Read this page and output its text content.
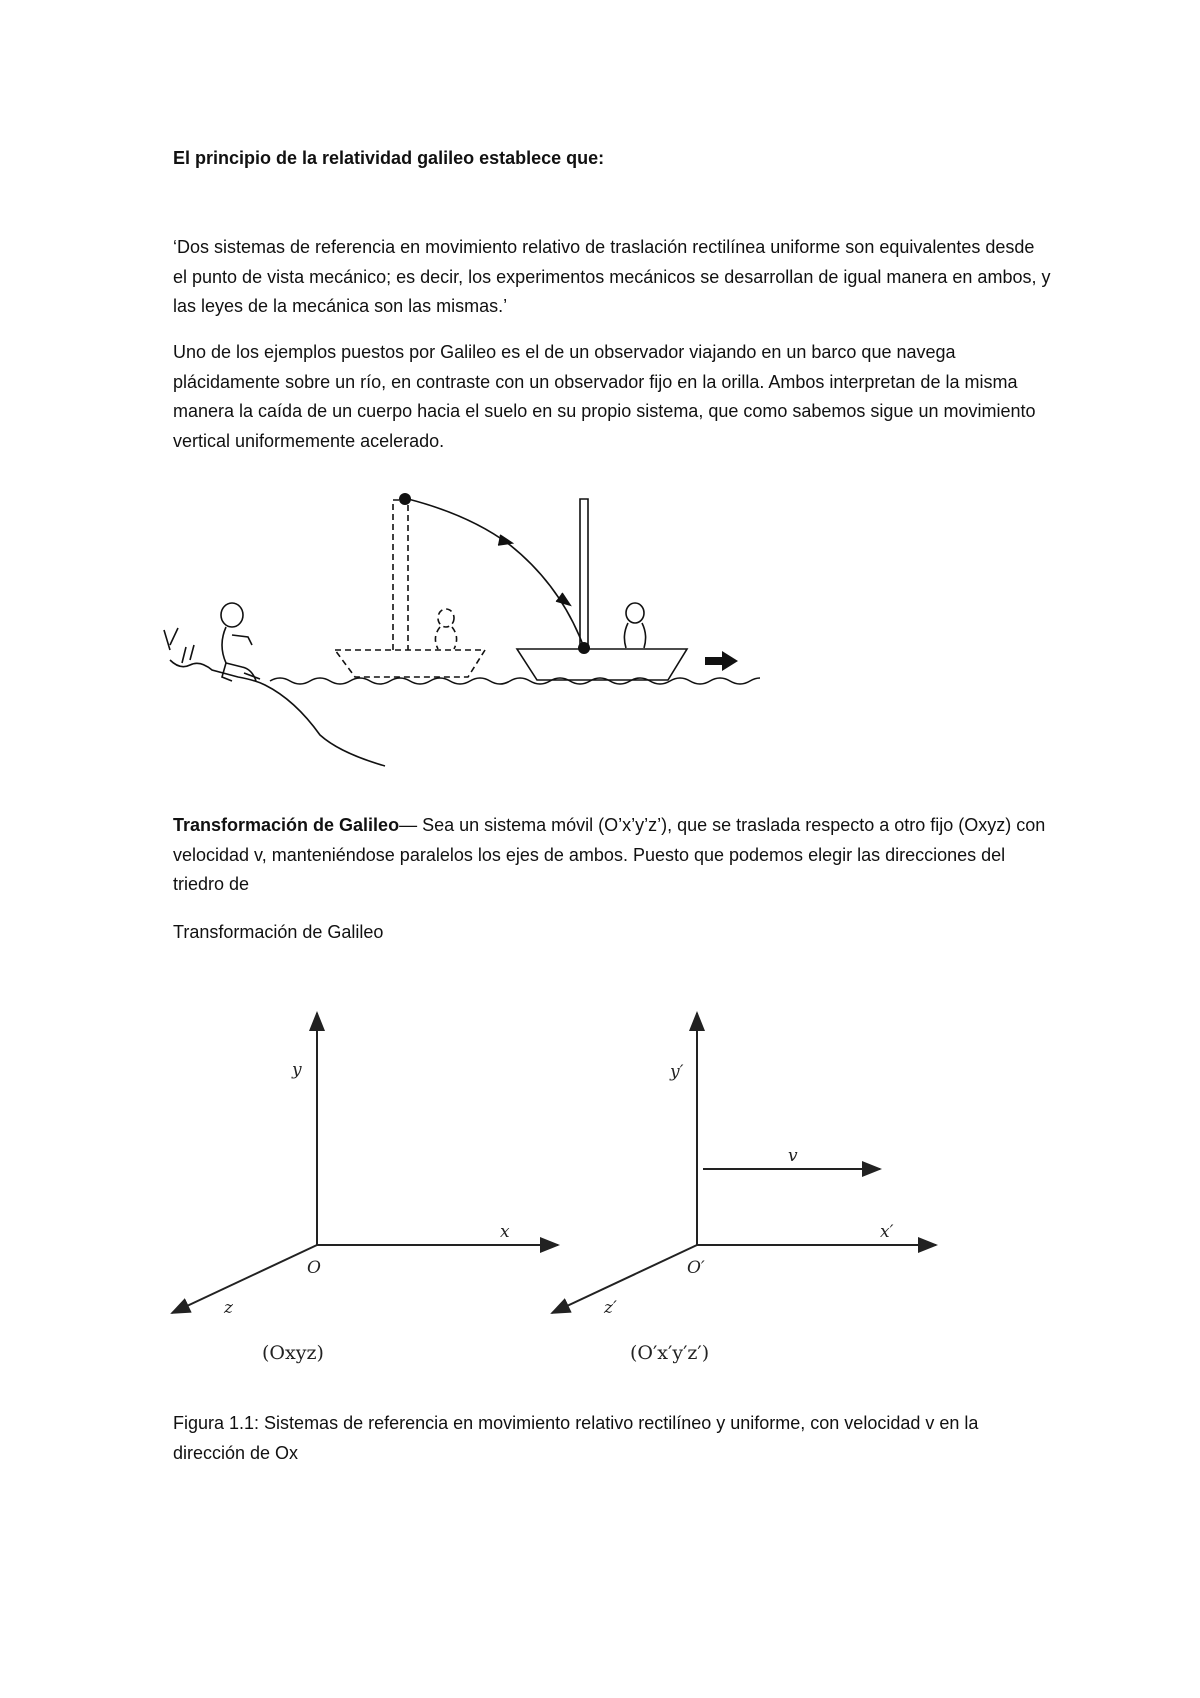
El principio de la relatividad galileo establece que:

‘Dos sistemas de referencia en movimiento relativo de traslación rectilínea uniforme son equivalentes desde el punto de vista mecánico; es decir, los experimentos mecánicos se desarrollan de igual manera en ambos, y las leyes de la mecánica son las mismas.’

Uno de los ejemplos puestos por Galileo es el de un observador viajando en un barco que navega plácidamente sobre un río, en contraste con un observador fijo en la orilla. Ambos interpretan de la misma manera la caída de un cuerpo hacia el suelo en su propio sistema, que como sabemos sigue un movimiento vertical uniformemente acelerado.

Transformación de Galileo— Sea un sistema móvil (O’x’y’z’), que se traslada respecto a otro fijo (Oxyz) con velocidad v, manteniéndose paralelos los ejes de ambos. Puesto que podemos elegir las direcciones del triedro de

Transformación de Galileo

y
x
z
O
(Oxyz)
y′
x′
z′
O′
v
(O′x′y′z′)

Figura 1.1: Sistemas de referencia en movimiento relativo rectilíneo y uniforme, con velocidad v en la dirección de Ox
